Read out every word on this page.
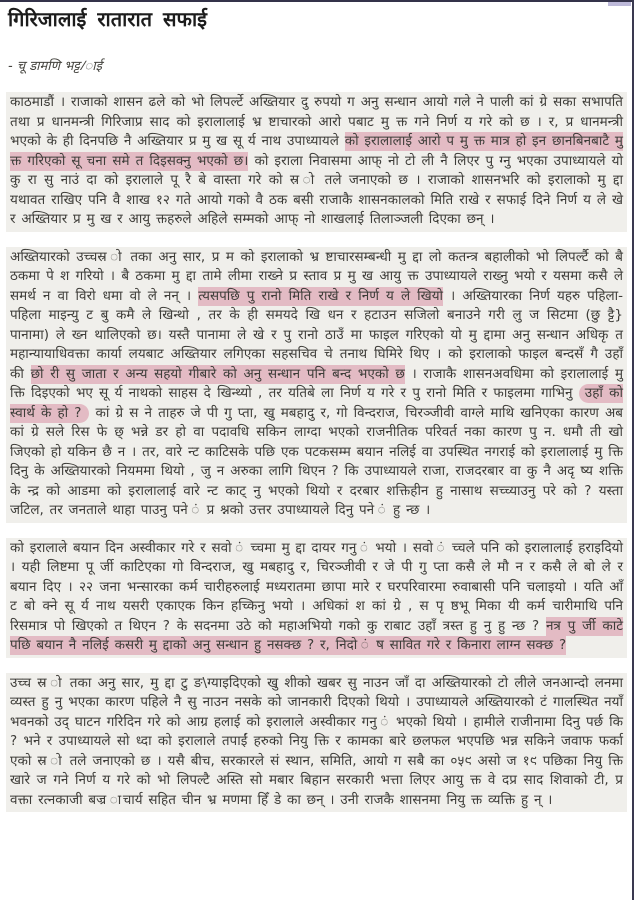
गिरिजालाई रातारात सफाई
- चू डामणि भट्ट/ाई

काठमाडौं । राजाको शासन ढले को भो लिपर्ल्टे अख्तियार दु रुपयो ग अनु सन्धान आयो गले ने पाली कां ग्रे सका सभापति तथा प्र धानमन्त्री गिरिजाप्र साद को इरालालाई भ्र ष्टाचारको आरो पबाट मु क्त गने निर्ण य गरे को छ । र, प्र धानमन्त्री भएको के ही दिनपछि नै अख्तियार प्र मु ख सू र्य नाथ उपाध्यायले को इरालालाई आरो प मु क्त मात्र हो इन छानबिनबाटै मु क्त गरिएको सू चना समे त दिइसक्नु भएको छ। को इराला निवासमा आफ् नो टो ली नै लिएर पु ग्नु भएका उपाध्यायले यो कु रा सु नाउं दा को इरालाले पू रै बे वास्ता गरे को स्र ो तले जनाएको छ । राजाको शासनभरि को इरालाको मु द्दा यथावत राखिए पनि वै शाख १२ गते आयो गको वै ठक बसी राजाकै शासनकालको मिति राखे र सफाई दिने निर्ण य ले खे र अख्तियार प्र मु ख र आयु क्तहरुले अहिले सम्मको आफ् नो शाखलाई तिलाञ्जली दिएका छन् ।

अख्तियारको उच्चस्र ो तका अनु सार, प्र म को इरालाको भ्र ष्टाचारसम्बन्धी मु द्दा लो कतन्त्र बहालीको भो लिपर्ल्टै को बै ठकमा पे श गरियो । बै ठकमा मु द्दा तामे लीमा राख्ने प्र स्ताव प्र मु ख आयु क्त उपाध्यायले राख्नु भयो र यसमा कसै ले समर्थ न वा विरो धमा वो ले नन् । त्यसपछि पु रानो मिति राखे र निर्ण य ले खियो । अख्तियारका निर्ण यहरु पहिला-पहिला माइन्यु ट बु कमै ले खिन्थो , तर के ही समयदे खि धन र हटाउन सजिलो बनाउने गरी लु ज सिटमा (छु ट्टै} पानामा) ले ख्न थालिएको छ। यस्तै पानामा ले खे र पु रानो ठाउँ मा फाइल गरिएको यो मु द्दामा अनु सन्धान अधिकृ त महान्यायाधिवक्ता कार्या लयबाट अख्तियार लगिएका सहसचिव चे तनाथ घिमिरे थिए । को इरालाको फाइल बन्दसँ गै उहाँ की छो री सु जाता र अन्य सहयो गीबारे को अनु सन्धान पनि बन्द भएको छ । राजाकै शासनअवधिमा को इरालालाई मु क्ति दिइएको भए सू र्य नाथको साहस दे खिन्थ्यो , तर यतिबे ला निर्ण य गरे र पु रानो मिति र फाइलमा गाभिनु उहाँ को स्वार्थ के हो ? कां ग्रे स ने ताहरु जे पी गु प्ता, खु मबहादु र, गो विन्दराज, चिरञ्जीवी वाग्ले माथि खनिएका कारण अब कां ग्रे सले रिस फे छ् भन्ने डर हो वा पदावधि सकिन लाग्दा भएको राजनीतिक परिवर्त नका कारण पु न. धमौ ती खो जिएको हो यकिन छै न । तर, वारे न्ट काटिसके पछि एक पटकसम्म बयान नलिई वा उपस्थित नगराई को इरालालाई मु क्ति दिनु के अख्तियारको नियममा थियो , जु न अरुका लागि थिएन ? कि उपाध्यायले राजा, राजदरबार वा कु नै अदृ ष्य शक्ति के न्द्र को आडमा को इरालालाई वारे न्ट काट् नु भएको थियो र दरबार शक्तिहीन हु नासाथ सच्च्याउनु परे को ? यस्ता जटिल, तर जनताले थाहा पाउनु पने ं प्र श्नको उत्तर उपाध्यायले दिनु पने ं हु न्छ ।

को इरालाले बयान दिन अस्वीकार गरे र सवो ं च्चमा मु द्दा दायर गनु ं भयो । सवो ं च्चले पनि को इरालालाई हराइदियो । यही लिष्टमा पू र्जी काटिएका गो विन्दराज, खु मबहादु र, चिरञ्जीवी र जे पी गु प्ता कसै ले मौ न र कसै ले बो ले र बयान दिए । २२ जना भन्सारका कर्म चारीहरुलाई मध्यरातमा छापा मारे र घरपरिवारमा रुवाबासी पनि चलाइयो । यति आँ ट बो क्ने सू र्य नाथ यसरी एकाएक किन हच्किनु भयो । अधिकां श कां ग्रे , स पृ ष्ठभू मिका यी कर्म चारीमाथि पनि रिसमात्र पो खिएको त थिएन ? के सदनमा उठे को महाअभियो गको कु राबाट उहाँ त्रस्त हु नु हु न्छ ? नत्र पु र्जी काटे पछि बयान नै नलिई कसरी मु द्दाको अनु सन्धान हु नसक्छ ? र, निदो ं ष सावित गरे र किनारा लाग्न सक्छ ?

उच्च स्र ो तका अनु सार, मु द्दा टु ङ\ग्याइदिएको खु शीको खबर सु नाउन जाँ दा अख्तियारको टो लीले जनआन्दो लनमा व्यस्त हु नु भएका कारण पहिले नै सु नाउन नसके को जानकारी दिएको थियो । उपाध्यायले अख्तियारको टं गालस्थित नयाँ भवनको उद् घाटन गरिदिन गरे को आग्र हलाई को इरालाले अस्वीकार गनु ं भएको थियो । हामीले राजीनामा दिनु पर्छ कि ? भने र उपाध्यायले सो ध्दा को इरालाले तपाईं हरुको नियु क्ति र कामका बारे छलफल भएपछि भन्न सकिने जवाफ फर्का एको स्र ो तले जनाएको छ । यसै बीच, सरकारले सं स्थान, समिति, आयो ग सबै का ०५९ असो ज १९ पछिका नियु क्ति खारे ज गने निर्ण य गरे को भो लिपल्टै अस्ति सो मबार बिहान सरकारी भत्ता लिएर आयु क्त वे दप्र साद शिवाको टी, प्र वक्ता रत्नकाजी बज्र ाचार्य सहित चीन भ्र मणमा हिँ डे का छन् । उनी राजकै शासनमा नियु क्त व्यक्ति हु न् ।
